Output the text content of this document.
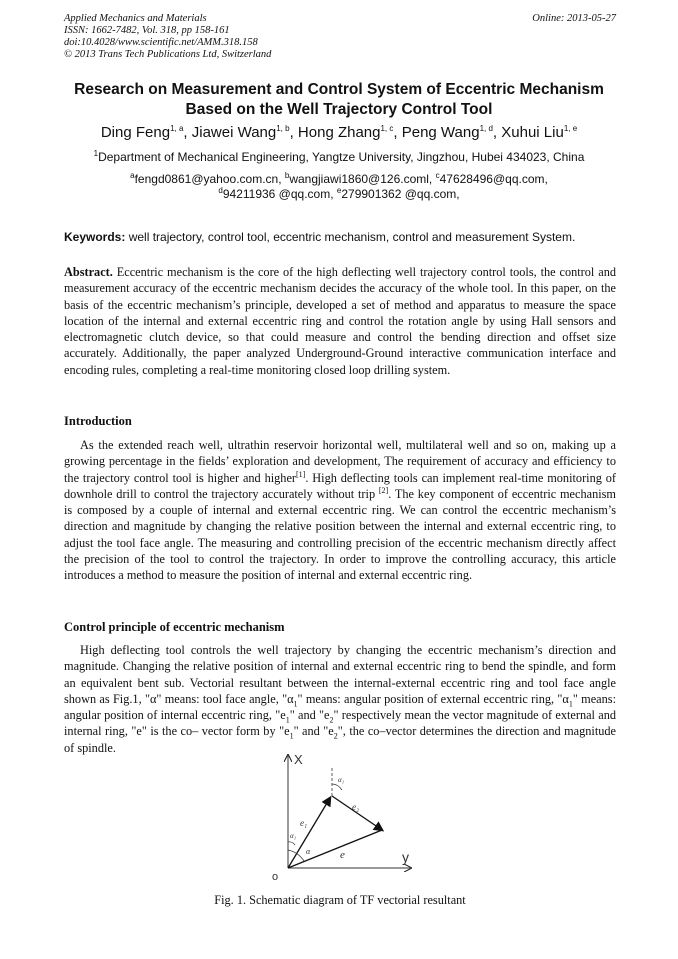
Applied Mechanics and Materials
ISSN: 1662-7482, Vol. 318, pp 158-161
doi:10.4028/www.scientific.net/AMM.318.158
© 2013 Trans Tech Publications Ltd, Switzerland
Online: 2013-05-27
Research on Measurement and Control System of Eccentric Mechanism
Based on the Well Trajectory Control Tool
Ding Feng$^{1, a}$, Jiawei Wang$^{1, b}$, Hong Zhang$^{1, c}$, Peng Wang$^{1, d}$, Xuhui Liu$^{1, e}$
$^1$Department of Mechanical Engineering, Yangtze University, Jingzhou, Hubei 434023, China
$^a$fengd0861@yahoo.com.cn, $^b$wangjiawi1860@126.coml, $^c$47628496@qq.com,
$^d$94211936 @qq.com, $^e$279901362 @qq.com,
Keywords: well trajectory, control tool, eccentric mechanism, control and measurement System.

Abstract. Eccentric mechanism is the core of the high deflecting well trajectory control tools, the control and measurement accuracy of the eccentric mechanism decides the accuracy of the whole tool. In this paper, on the basis of the eccentric mechanism’s principle, developed a set of method and apparatus to measure the space location of the internal and external eccentric ring and control the rotation angle by using Hall sensors and electromagnetic clutch device, so that could measure and control the bending direction and offset size accurately. Additionally, the paper analyzed Underground-Ground interactive communication interface and encoding rules, completing a real-time monitoring closed loop drilling system.

Introduction

As the extended reach well, ultrathin reservoir horizontal well, multilateral well and so on, making up a growing percentage in the fields’ exploration and development, The requirement of accuracy and efficiency to the trajectory control tool is higher and higher[1]. High deflecting tools can implement real-time monitoring of downhole drill to control the trajectory accurately without trip [2]. The key component of eccentric mechanism is composed by a couple of internal and external eccentric ring. We can control the eccentric mechanism’s direction and magnitude by changing the relative position between the internal and external eccentric ring, to adjust the tool face angle. The measuring and controlling precision of the eccentric mechanism directly affect the precision of the tool to control the trajectory. In order to improve the controlling accuracy, this article introduces a method to measure the position of internal and external eccentric ring.

Control principle of eccentric mechanism

High deflecting tool controls the well trajectory by changing the eccentric mechanism’s direction and magnitude. Changing the relative position of internal and external eccentric ring to bend the spindle, and form an equivalent bent sub. Vectorial resultant between the internal-external eccentric ring and tool face angle shown as Fig.1, "α" means: tool face angle, "$\alpha_1$" means: angular position of external eccentric ring, "$\alpha_1$" means: angular position of internal eccentric ring, "$e_1$" and "$e_2$" respectively mean the vector magnitude of external and internal ring, "e" is the co– vector form by "$e_1$" and "$e_2$", the co–vector determines the direction and magnitude of spindle.

X
y
o
e
e₁
e₂
α
α₁
α₁
Fig. 1. Schematic diagram of TF vectorial resultant
